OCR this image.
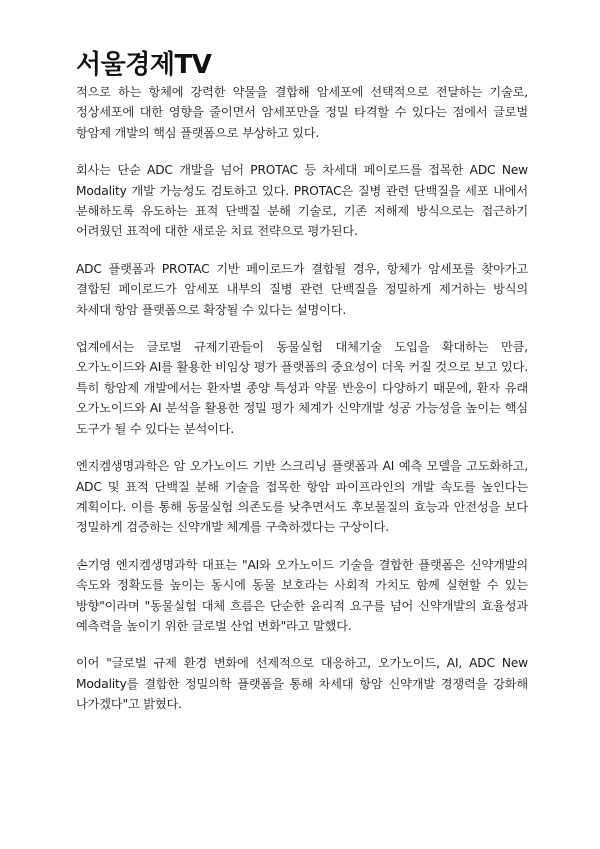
서울경제TV

적으로 하는 항체에 강력한 약물을 결합해 암세포에 선택적으로 전달하는 기술로, 정상세포에 대한 영향을 줄이면서 암세포만을 정밀 타격할 수 있다는 점에서 글로벌 항암제 개발의 핵심 플랫폼으로 부상하고 있다.

회사는 단순 ADC 개발을 넘어 PROTAC 등 차세대 페이로드를 접목한 ADC New Modality 개발 가능성도 검토하고 있다. PROTAC은 질병 관련 단백질을 세포 내에서 분해하도록 유도하는 표적 단백질 분해 기술로, 기존 저해제 방식으로는 접근하기 어려웠던 표적에 대한 새로운 치료 전략으로 평가된다.

ADC 플랫폼과 PROTAC 기반 페이로드가 결합될 경우, 항체가 암세포를 찾아가고 결합된 페이로드가 암세포 내부의 질병 관련 단백질을 정밀하게 제거하는 방식의 차세대 항암 플랫폼으로 확장될 수 있다는 설명이다.

업계에서는 글로벌 규제기관들이 동물실험 대체기술 도입을 확대하는 만큼, 오가노이드와 AI를 활용한 비임상 평가 플랫폼의 중요성이 더욱 커질 것으로 보고 있다. 특히 항암제 개발에서는 환자별 종양 특성과 약물 반응이 다양하기 때문에, 환자 유래 오가노이드와 AI 분석을 활용한 정밀 평가 체계가 신약개발 성공 가능성을 높이는 핵심 도구가 될 수 있다는 분석이다.

엔지켐생명과학은 암 오가노이드 기반 스크리닝 플랫폼과 AI 예측 모델을 고도화하고, ADC 및 표적 단백질 분해 기술을 접목한 항암 파이프라인의 개발 속도를 높인다는 계획이다. 이를 통해 동물실험 의존도를 낮추면서도 후보물질의 효능과 안전성을 보다 정밀하게 검증하는 신약개발 체계를 구축하겠다는 구상이다.

손기영 엔지켐생명과학 대표는 "AI와 오가노이드 기술을 결합한 플랫폼은 신약개발의 속도와 정확도를 높이는 동시에 동물 보호라는 사회적 가치도 함께 실현할 수 있는 방향"이라며 "동물실험 대체 흐름은 단순한 윤리적 요구를 넘어 신약개발의 효율성과 예측력을 높이기 위한 글로벌 산업 변화"라고 말했다.

이어 "글로벌 규제 환경 변화에 선제적으로 대응하고, 오가노이드, AI, ADC New Modality를 결합한 정밀의학 플랫폼을 통해 차세대 항암 신약개발 경쟁력을 강화해 나가겠다"고 밝혔다.
